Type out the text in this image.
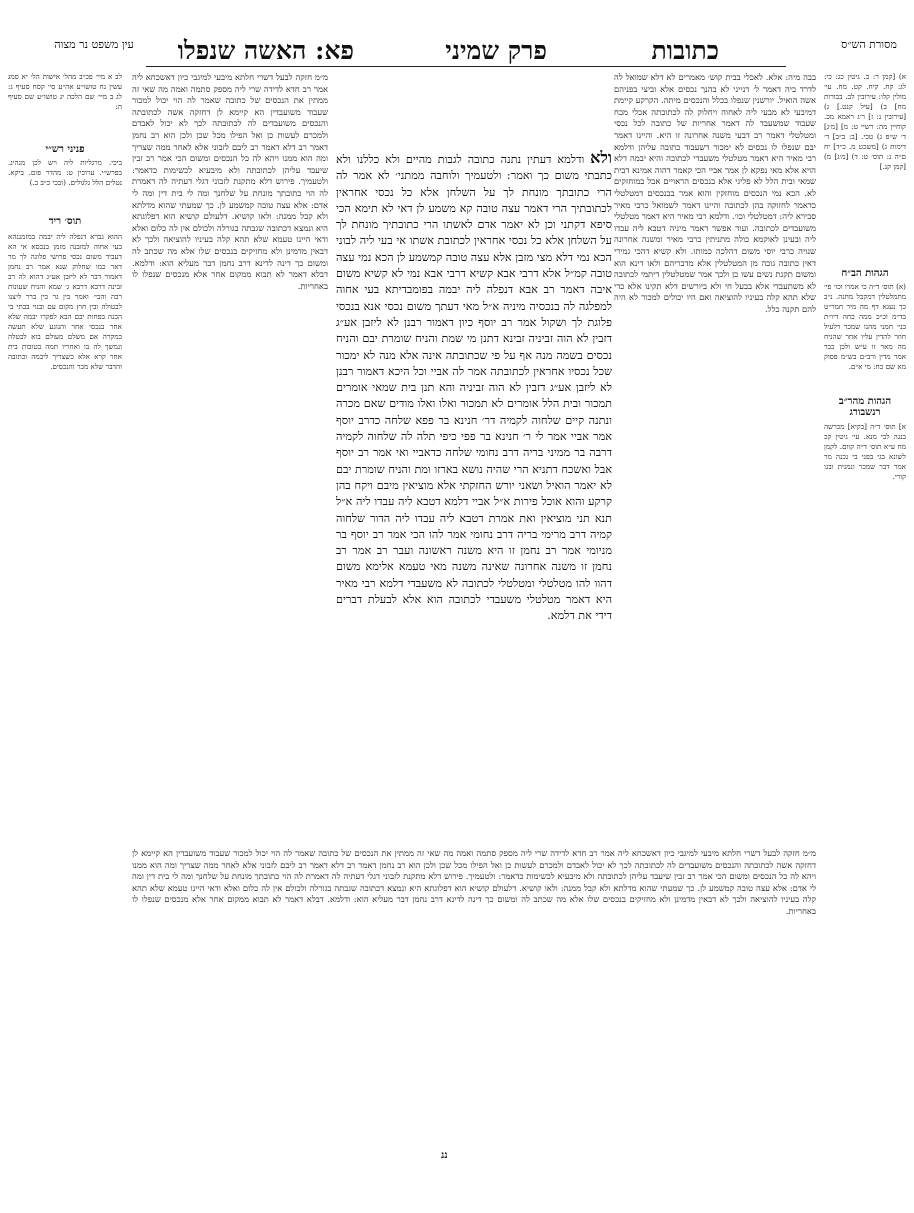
מסורת הש״ס
עין משפט נר מצוה	פא: האשה שנפלו	פרק שמיני	כתובות
לב א מיי׳ פכ״ב מהל׳ אישות הל׳ יא סמג עשין נח טושו״ע אה״ע סי׳ קסח סעיף ג: לג ב מיי׳ שם הלכה יג טושו״ע שם סעיף ה:
פניני רש״י
ביכי. מרגליות ליה ויש לכן מנהיג. בפרש״י. ערוכין ט: מהדר פום. ביקא. נטלים הלל גלגולים. (ובכי כ״ב ב.)
תוס׳ ריד
ההוא גברא דנפלה ליה יבמה במזמננהא בעי אחוה למזבנה מזמן בנכסא אי הא דעביד משום נכסי פרושי פלוגה לך מר דאר כמו שחלוק שנא אמר רב נחמן דאמור דבר לא ליזבן אע״ג דהוא לה רב זבינה דרבא דרבא ג׳ שמא והניח שעונות רבה והבי׳ ואמר בין גר בין ברר ליצנו לבטולה ובין חוץ מקום עם ובנוי בבתי בי הכנה בפחות יבם הבא לפקרו יבמה שלא אחר בנכסי אחר והנוגע שלא תעשה כמקרה אם משלם מעולם בוא לבטלה ונמשך לה בו ואחריו תמה בטובות בית אחר קרא אלא כשצריך ליבמה וכתובה והדבר שלא מכר והנכסים.
א) [קמן ר: כ. גיטין כג: כי: לג: קח. קיח. קט. מח. עי׳ מולין קלו: עירובין לב. בכורות מח] ב) [עיל קנט.] ג) [עירובין נ: ז] ר׳ג ראמא מכ. קוחיין מה: רשיי ט: מ] [מ׳ג] ד׳ ש״פ ג) טכי. [ב: ב״ב] ד׳ דימות ג) [משכט מ. כ״ד] יח ם״ה נ: תוס׳ ט: ד) [מ׳ג] מ) [קמן קנ.]
הגהות הב״ח
(א) תוס׳ ד״ה כי אמרו וכו׳ פי׳ מתמלטלין דמקבל מחנה. נ״ב כך נעגא דף מה מיר חמר״ט בד״מ וכ״כ ממה כחה דיו״ת בני׳ חמני מהנו שמכר דלעיל חוזר להדין עליו אחר שהניח מה מאר זו ע״ש ולכן כבר אמר מדין ורב״ם בש״מ פסוק מא שם כח: מי א״ם.
הגהות מהר״ב רנשבורג
א] תוס׳ ד״ה [בקיא] מכרשה בנגה לבי מנא. עי׳ גיטין קכ מח ע״א תוס׳ ד״ה קוום. לקמן לשונא בגי בפני בי נכנה מר אמר דבר שמכר ונמנית ובגו קורי.
מ״מ חזקה לבעל דשרי חלתא מיבעי למיגבי כיון דאשכחא ליה אמר רב חדא לדידה שרי ליה מספק סתמה ואמה מה שאי זה ממתין את הנכסים של כתובה שאמר לה הוי יכול למכור שעבוד משועבדין הא קיימא לן דחזקה אשה לכתובתה והנכסים משועבדים לה לכתובתה לכך לא יכול לאבדם ולמכרם לעשות כן ואל הפילו מכל שכן ולכן הוא רב נחמן דאמר רב דלא דאמר רב ליבם לזבוני אלא לאחר ממה שצריך ומה הוא ממנו ויהא לה כל הנכסים ומשום הכי אמר רב זבין שיעבד עליהן לכתובתה ולא מיבעיא לכשימות כדאמר: ולטעמיך. פירוש דלא מתקנת לזבוני דגלי דעתיה לה דאמרת לה הוי כתובתך מונחת על שלחנך ומה לי בית דין ומה לי אדם: אלא עצה טובה קמשמע לן. כך שמעתי שהוא מדלתא ולא קבל ממנה: ולאו קושיא. דלעולם קושיא הוא דפלוגתא היא ונמצא דכתובה שגבתה בגורלה ולכולם אין לה כלום ואלא ודאי היינו טעמא שלא תהא קלה בעיניו להוציאה ולכך לא דבאין מדמינן ולא מחזיקים בנכסים שלו אלא מה שכתב לה ומשום כך דינה לדינא דרב נחמן דבר מעליא הוא: ודלמא. דבלא דאמר לא תבוא ממקום אחר אלא מנכסים שנפלו לו באחריות.
בבה מיה: אלא. לאכלי בבית קוש׳ מאמרים לא דלא שמואל לה לדרד ביה דאמר ל׳ דנייני לא בהנך נכסים אלא וביצי בפניהם אשה הואיל. יורשנין שנפלו בכלל והנכסים מיתה. הקרקע קיימת דמיבעי לא מבעי ליה לאחוה ויחלוק לה לכתובתה אכלי מכח שעבוד שמשעבד לה דאמר אחריות של כתובה לכל נכסי ומטלטלי דאמר רב דבעי משנה אחרונה זו היא. והיינו דאמר יבם שנפלו לו נכסים לא ימכור דשעבוד כתובה עליהן ודלמא רבי מאיר היא דאמר מטלטלי משעבדי לכתובה והיא יבמה דלא הויא אלא מאי נפקא לן אמר אביי הכי קאמר דהוה אמינא דבית שמאי ובית הלל לא פליגי אלא בנכסים הראויים אבל במוחזקים לא. הכא נמי הנכסים מוחזקין והוא אמר בבנכסים דמטלטלי כדאמר לחזוקה בהן לכתובה והיינו דאמר לשמואל כרבי מאיר סבירא ליה: דמטלטלי וכו׳. ודלמא רבי מאיר היא דאמר מטלטלי משועבדים לכתובה. ועוד אפשר דאמר מיניה דטבא ליה עבדו ליה ובעינן לאוקמא כולה מתניתין כרבי מאיר ומשנה אחרונה שנויה כרבי יוסי משום דהלכה כמותו. ולא קשיא דהכי גמירי דאין כתובה גובה מן המטלטלין אלא מדבריהם ולאו דינא הוא ומשום תקנת נשים עשו כן ולכך אמר שמטלטלין דיתמי לכתובה לא משתעבדי אלא בבעל חי ולא ביורשים דלא תקינו אלא כדי שלא תהא קלה בעיניו להוציאה ואם היו יכולים למכור לא היה להם תקנה כלל.
ולא ודלמא דעתין נתנה כתובה לגבות מהיים ולא כללנו ולא כתבתי משום כך ואמר: ולטעמיך ולוחבה ממתני׳ לא אמר לה הרי כתובתך מונחת לך על השלחן אלא כל נכסי אחראין לכתובתיך הרי דאמר עצה טובה קא משמע לן דאי לא תימא הכי סיפא דקתני וכן לא יאמר אדם לאשתו הרי כתובתיך מונחת לך על השלחן אלא כל נכסי אחראין לכתובת אשתו אי בעי ליה לבוני הכא נמי דלא מצי מזבן אלא עצה טובה קמשמע לן הכא נמי עצה טובה קמ״ל אלא דרבי אבא קשיא דרבי אבא נמי לא קשיא משום איבה דאמר רב אבא דנפלה ליה יבמה בפומבדיתא בעי אחוה למפלגה לה בנכסיה מיניה א״ל מאי דעתך משום נכסי אנא בנכסי פלוגת לך ושקול אמר רב יוסף כיון דאמור רבנן לא ליזבן אע״ג דזבין לא הוה זביניה זבינא דתנן מי שמת והניח שומרת יבם והניח נכסים בשמה מנה אף על פי שכתובתה אינה אלא מנה לא ימכור שכל נכסיו אחראין לכתובתה אמר לה אביי וכל היכא דאמור רבנן לא ליזבן אע״ג דזבין לא הוה זביניה והא תנן בית שמאי אומרים תמכור ובית הלל אומרים לא תמכור ואלו ואלו מודים שאם מכרה ונתנה קיים שלחוה לקמיה דר׳ חנינא בר פפא שלחה כדרב יוסף אמר אביי אמר לי ר׳ חנינא בר פפי כיפי תלה לה שלחוה לקמיה דרבה בר ממיני בריה דרב נחומי שלחה כדאביי ואי אמר רב יוסף אבל ואשכח דתניא הרי שהיה נושא בארזו ומת והניח שומרת יבם לא יאמר הואיל ושאני יורש החזקתי אלא מוציאין מיבם ויקח בהן קרקע והוא אוכל פירות א״ל אביי דלמא דטבא ליה עבדו ליה א״ל תנא תני מוציאין ואת אמרת דטבא ליה עבדו ליה הדור שלחוה קמיה דרב מרימי בריה דרב נחומי אמר להו הכי אמר רב יוסף בר מניומי אמר רב נחמן זו היא משנה ראשונה ועבר רב אמר רב נחמן זו משנה אחרונה שאינה משנה מאי טעמא אלימא משום דהוו להו מטלטלי ומטלטלי לכתובה לא משעבדי דלמא רבי מאיר היא דאמר מטלטלי משעבדי לכתובה הוא אלא לבעלת דברים דידי את דלמא.
מ״מ חזקה לבעל דשרי חלתא מיבעי למיגבי כיון דאשכחא ליה אמר רב חדא לדידה שרי ליה מספק סתמה ואמה מה שאי זה ממתין את הנכסים של כתובה שאמר לה הוי יכול למכור שעבוד משועבדין הא קיימא לן דחזקה אשה לכתובתה והנכסים משועבדים לה לכתובתה לכך לא יכול לאבדם ולמכרם לעשות כן ואל הפילו מכל שכן ולכן הוא רב נחמן דאמר רב דלא דאמר רב ליבם לזבוני אלא לאחר ממה שצריך ומה הוא ממנו ויהא לה כל הנכסים ומשום הכי אמר רב זבין שיעבד עליהן לכתובתה ולא מיבעיא לכשימות כדאמר: ולטעמיך. פירוש דלא מתקנת לזבוני דגלי דעתיה לה דאמרת לה הוי כתובתך מונחת על שלחנך ומה לי בית דין ומה לי אדם: אלא עצה טובה קמשמע לן. כך שמעתי שהוא מדלתא ולא קבל ממנה: ולאו קושיא. דלעולם קושיא הוא דפלוגתא היא ונמצא דכתובה שגבתה בגורלה ולכולם אין לה כלום ואלא ודאי היינו טעמא שלא תהא קלה בעיניו להוציאה ולכך לא דבאין מדמינן ולא מחזיקים בנכסים שלו אלא מה שכתב לה ומשום כך דינה לדינא דרב נחמן דבר מעליא הוא: ודלמא. דבלא דאמר לא תבוא ממקום אחר אלא מנכסים שנפלו לו באחריות.
ננ
